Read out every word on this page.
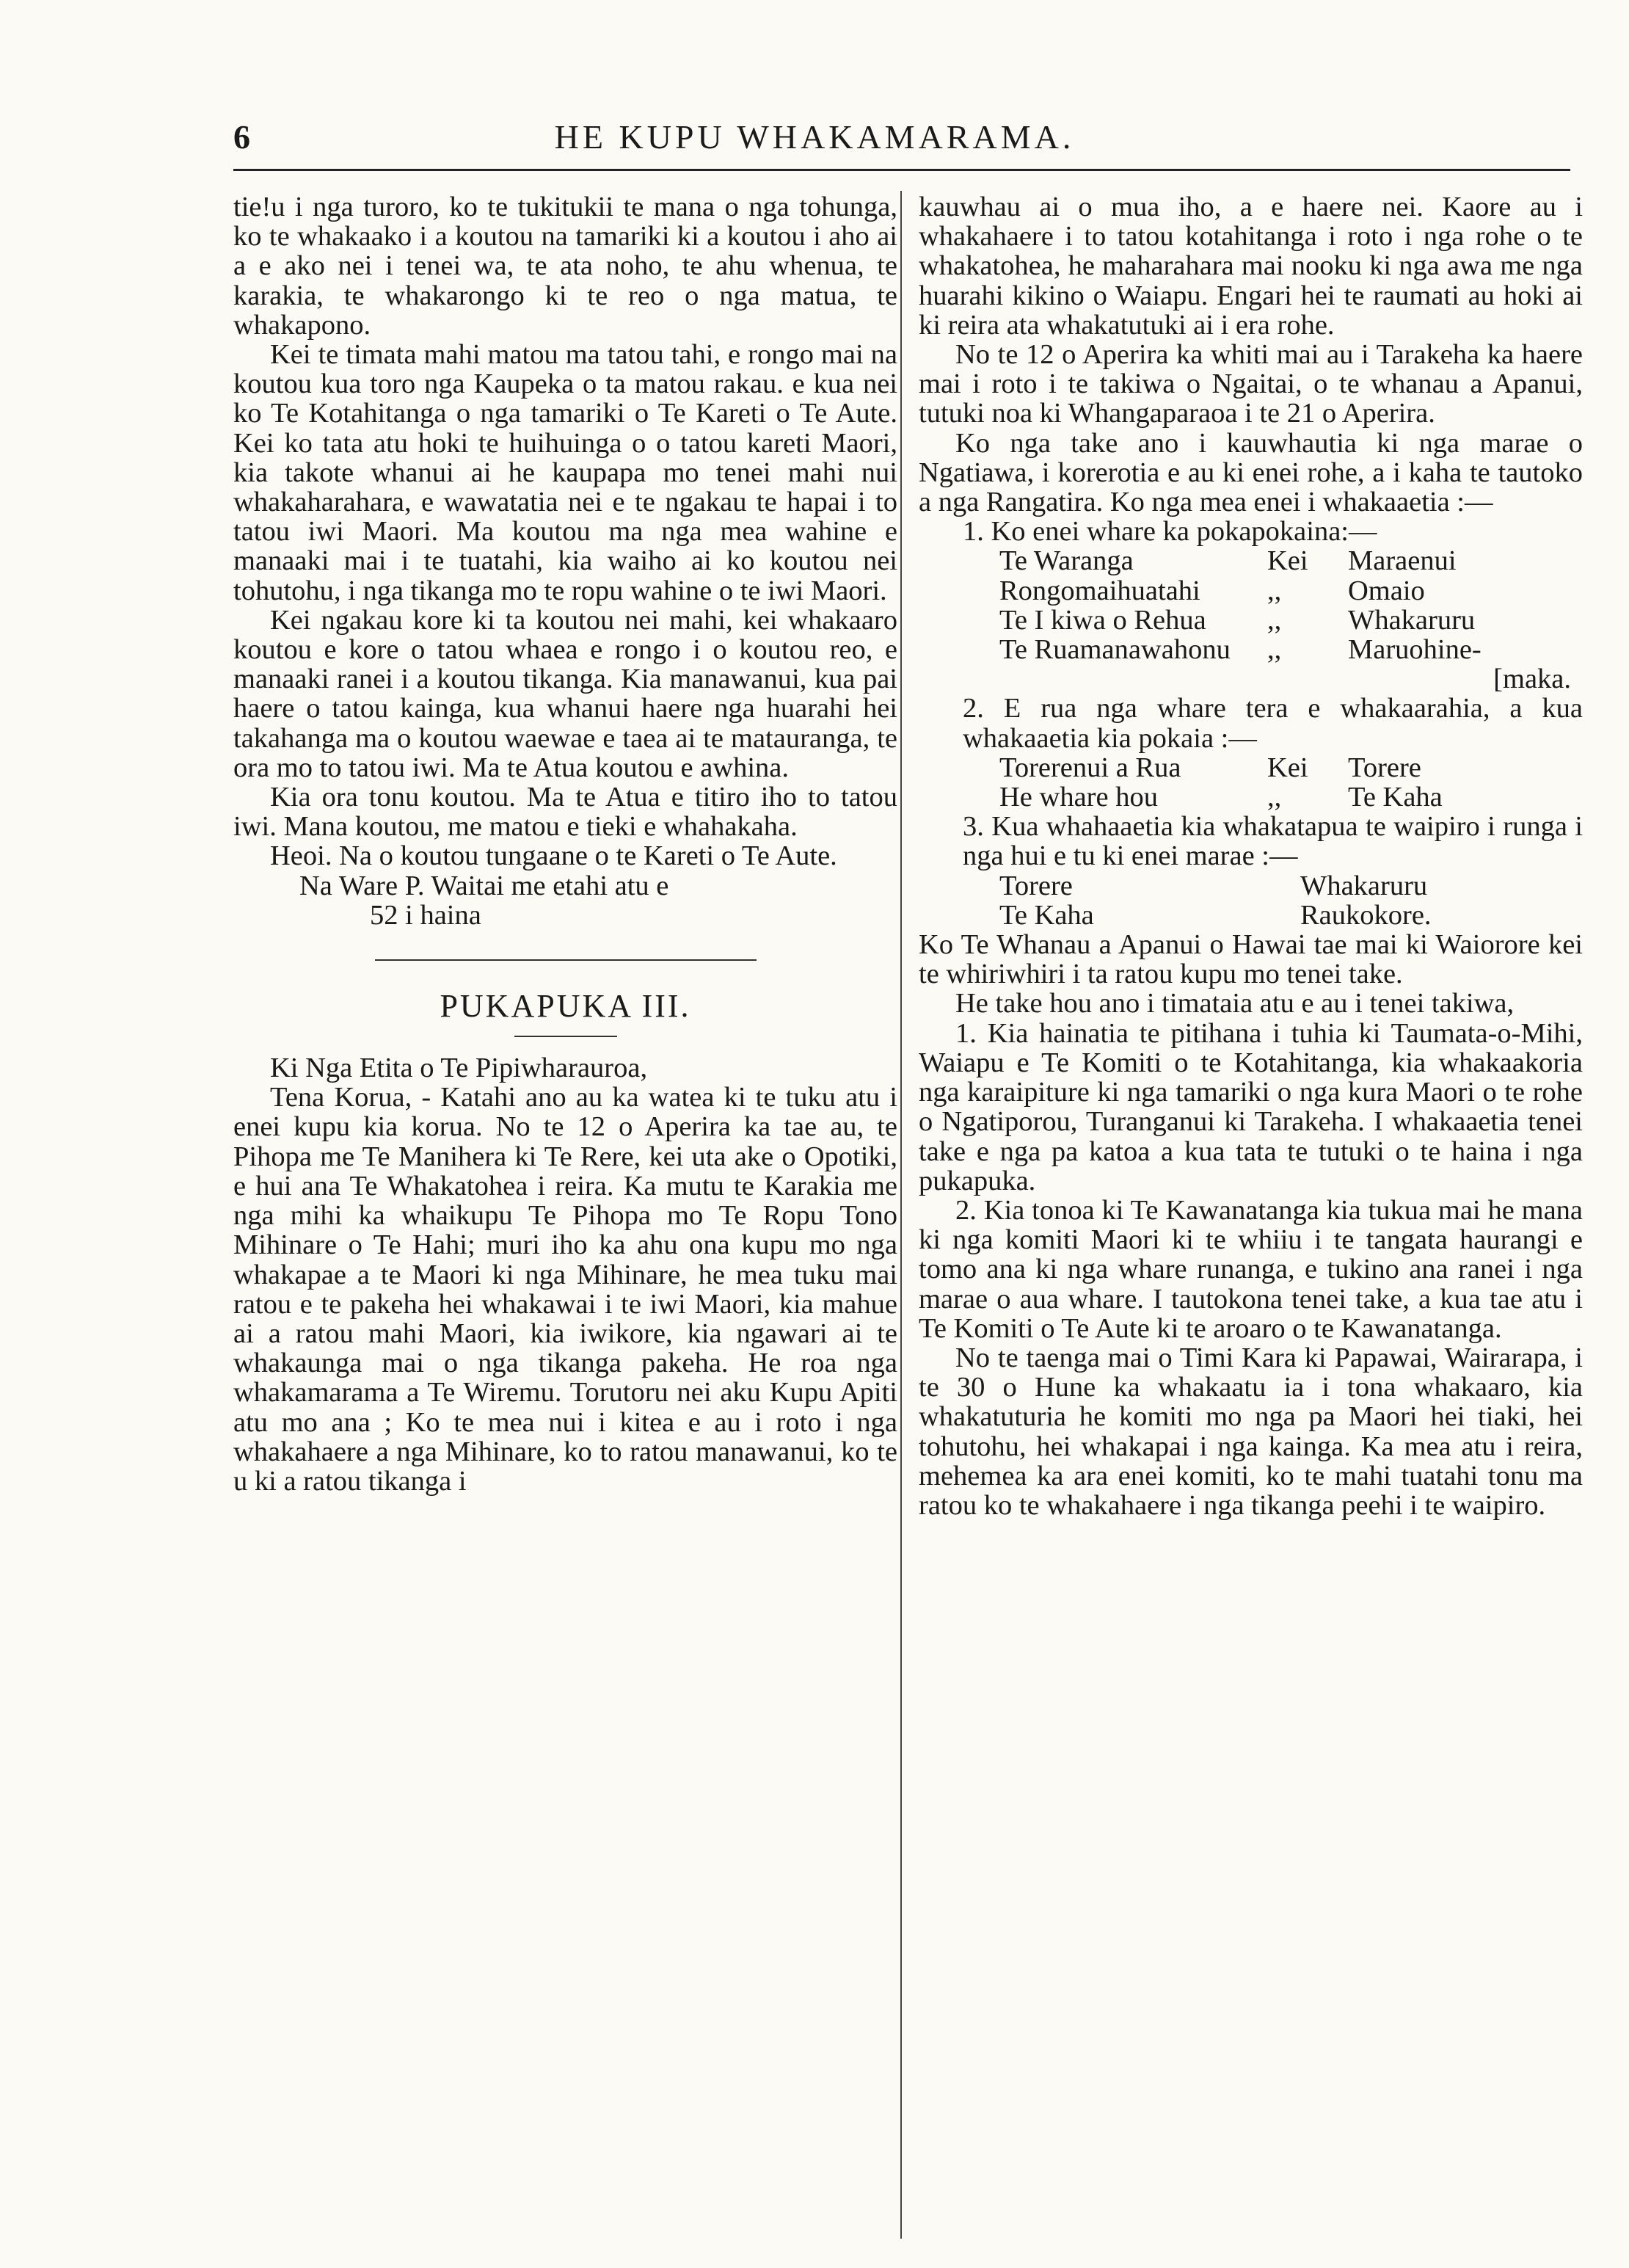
6	HE KUPU WHAKAMARAMA.

tie!u i nga turoro, ko te tukitukii te mana o nga tohunga, ko te whakaako i a koutou na tamariki ki a koutou i aho ai a e ako nei i tenei wa, te ata noho, te ahu whenua, te karakia, te whakarongo ki te reo o nga matua, te whakapono.

Kei te timata mahi matou ma tatou tahi, e rongo mai na koutou kua toro nga Kaupeka o ta matou rakau. e kua nei ko Te Kotahitanga o nga tamariki o Te Kareti o Te Aute. Kei ko tata atu hoki te huihuinga o o tatou kareti Maori, kia takote whanui ai he kaupapa mo tenei mahi nui whakaharahara, e wawatatia nei e te ngakau te hapai i to tatou iwi Maori. Ma koutou ma nga mea wahine e manaaki mai i te tuatahi, kia waiho ai ko koutou nei tohutohu, i nga tikanga mo te ropu wahine o te iwi Maori.

Kei ngakau kore ki ta koutou nei mahi, kei whakaaro koutou e kore o tatou whaea e rongo i o koutou reo, e manaaki ranei i a koutou tikanga. Kia manawanui, kua pai haere o tatou kainga, kua whanui haere nga huarahi hei takahanga ma o koutou waewae e taea ai te matauranga, te ora mo to tatou iwi. Ma te Atua koutou e awhina.

Kia ora tonu koutou. Ma te Atua e titiro iho to tatou iwi. Mana koutou, me matou e tieki e whahakaha.

Heoi. Na o koutou tungaane o te Kareti o Te Aute.

Na Ware P. Waitai me etahi atu e

52 i haina

PUKAPUKA III.

Ki Nga Etita o Te Pipiwharauroa,

Tena Korua, - Katahi ano au ka watea ki te tuku atu i enei kupu kia korua. No te 12 o Aperira ka tae au, te Pihopa me Te Manihera ki Te Rere, kei uta ake o Opotiki, e hui ana Te Whakatohea i reira. Ka mutu te Karakia me nga mihi ka whaikupu Te Pihopa mo Te Ropu Tono Mihinare o Te Hahi; muri iho ka ahu ona kupu mo nga whakapae a te Maori ki nga Mihinare, he mea tuku mai ratou e te pakeha hei whakawai i te iwi Maori, kia mahue ai a ratou mahi Maori, kia iwikore, kia ngawari ai te whakaunga mai o nga tikanga pakeha. He roa nga whakamarama a Te Wiremu. Torutoru nei aku Kupu Apiti atu mo ana ; Ko te mea nui i kitea e au i roto i nga whakahaere a nga Mihinare, ko to ratou manawanui, ko te u ki a ratou tikanga i

kauwhau ai o mua iho, a e haere nei. Kaore au i whakahaere i to tatou kotahitanga i roto i nga rohe o te whakatohea, he maharahara mai nooku ki nga awa me nga huarahi kikino o Waiapu. Engari hei te raumati au hoki ai ki reira ata whakatutuki ai i era rohe.

No te 12 o Aperira ka whiti mai au i Tarakeha ka haere mai i roto i te takiwa o Ngaitai, o te whanau a Apanui, tutuki noa ki Whangaparaoa i te 21 o Aperira.

Ko nga take ano i kauwhautia ki nga marae o Ngatiawa, i korerotia e au ki enei rohe, a i kaha te tautoko a nga Rangatira. Ko nga mea enei i whakaaetia :—

1. Ko enei whare ka pokapokaina:—

Te Waranga	Kei	Maraenui
Rongomaihuatahi	,,	Omaio
Te I kiwa o Rehua	,,	Whakaruru
Te Ruamanawahonu	,,	Maruohine-
[maka.

2. E rua nga whare tera e whakaarahia, a kua whakaaetia kia pokaia :—

Torerenui a Rua	Kei	Torere
He whare hou	,,	Te Kaha

3. Kua whahaaetia kia whakatapua te waipiro i runga i nga hui e tu ki enei marae :—

Torere	Whakaruru
Te Kaha	Raukokore.

Ko Te Whanau a Apanui o Hawai tae mai ki Waiorore kei te whiriwhiri i ta ratou kupu mo tenei take.

He take hou ano i timataia atu e au i tenei takiwa,

1. Kia hainatia te pitihana i tuhia ki Taumata-o-Mihi, Waiapu e Te Komiti o te Kotahitanga, kia whakaakoria nga karaipiture ki nga tamariki o nga kura Maori o te rohe o Ngatiporou, Turanganui ki Tarakeha. I whakaaetia tenei take e nga pa katoa a kua tata te tutuki o te haina i nga pukapuka.

2. Kia tonoa ki Te Kawanatanga kia tukua mai he mana ki nga komiti Maori ki te whiiu i te tangata haurangi e tomo ana ki nga whare runanga, e tukino ana ranei i nga marae o aua whare. I tautokona tenei take, a kua tae atu i Te Komiti o Te Aute ki te aroaro o te Kawanatanga.

No te taenga mai o Timi Kara ki Papawai, Wairarapa, i te 30 o Hune ka whakaatu ia i tona whakaaro, kia whakatuturia he komiti mo nga pa Maori hei tiaki, hei tohutohu, hei whakapai i nga kainga. Ka mea atu i reira, mehemea ka ara enei komiti, ko te mahi tuatahi tonu ma ratou ko te whakahaere i nga tikanga peehi i te waipiro.
